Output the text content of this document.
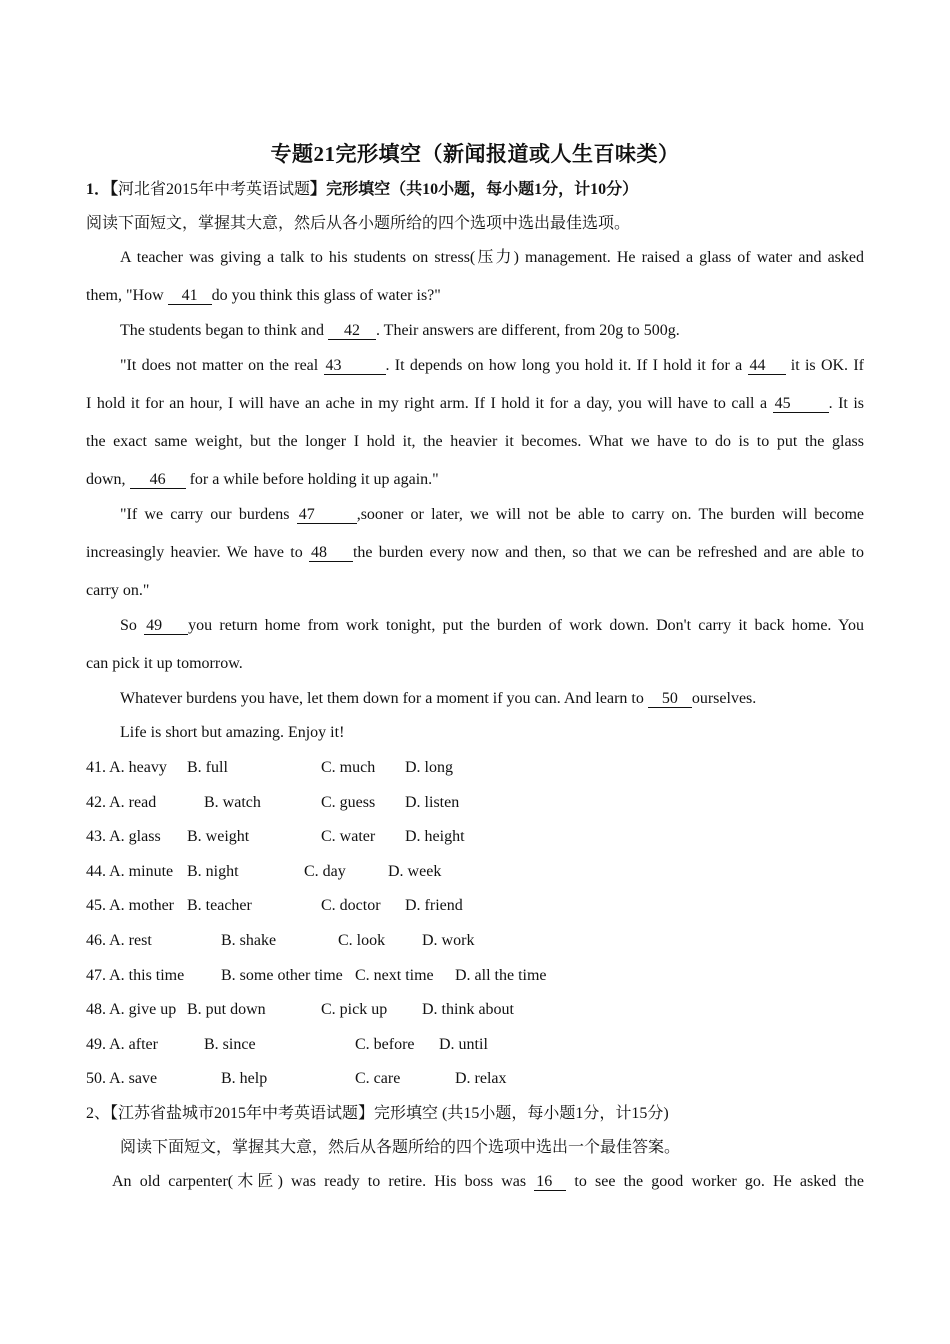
专题21完形填空（新闻报道或人生百味类）
1．【河北省2015年中考英语试题】完形填空（共10小题，每小题1分，计10分）
阅读下面短文，掌握其大意，然后从各小题所给的四个选项中选出最佳选项。
A teacher was giving a talk to his students on stress(压力) management. He raised a glass of water and asked
them, "How 41 do you think this glass of water is?"
The students began to think and 42 . Their answers are different, from 20g to 500g.
"It does not matter on the real 43	. It depends on how long you hold it. If I hold it for a 44 it is OK. If
I hold it for an hour, I will have an ache in my right arm. If I hold it for a day, you will have to call a 45 . It is
the exact same weight, but the longer I hold it, the heavier it becomes. What we have to do is to put the glass
down, 46 for a while before holding it up again."
"If we carry our burdens 47	,sooner or later, we will not be able to carry on. The burden will become
increasingly heavier. We have to 48 the burden every now and then, so that we can be refreshed and are able to
carry on."
So 49 you return home from work tonight, put the burden of work down. Don't carry it back home. You
can pick it up tomorrow.
Whatever burdens you have, let them down for a moment if you can. And learn to 50 ourselves.
Life is short but amazing. Enjoy it!
41. A. heavy B. full	C. much D. long
42. A. read	B. watch	C. guess D. listen
43. A. glass B. weight	C. water D. height
44. A. minute B. night	C. day	D. week
45. A. mother B. teacher	C. doctor D. friend
46. A. rest	B. shake	C. look D. work
47. A. this time B. some other time C. next time D. all the time
48. A. give up B. put down	C. pick up D. think about
49. A. after	B. since	C. before D. until
50. A. save	B. help	C. care	D. relax
2、【江苏省盐城市2015年中考英语试题】完形填空 (共15小题，每小题1分，计15分)
阅读下面短文，掌握其大意，然后从各题所给的四个选项中选出一个最佳答案。
An old carpenter(木匠) was ready to retire. His boss was 16 to see the good worker go. He asked the
